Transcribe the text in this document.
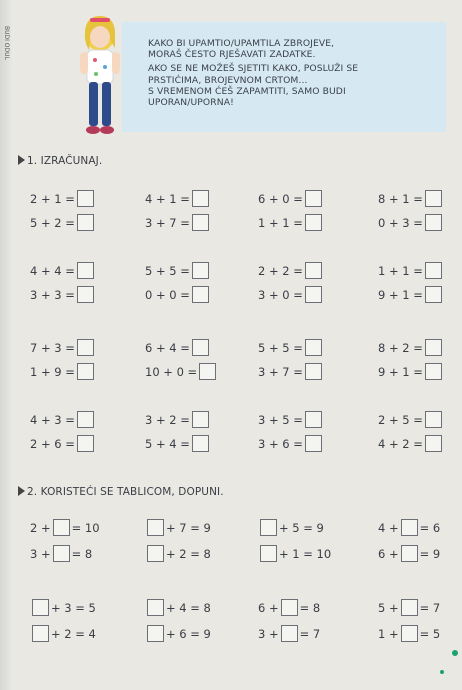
BUDI ODUL	KAKO BI UPAMTIO/UPAMTILA ZBROJEVE,
MORAŠ ČESTO RJEŠAVATI ZADATKE.
AKO SE NE MOŽEŠ SJETITI KAKO, POSLUŽI SE
PRSTIĆIMA, BROJEVNOM CRTOM...
S VREMENOM ĆEŠ ZAPAMTITI, SAMO BUDI
UPORAN/UPORNA!
1. IZRAČUNAJ.
2. KORISTEĆI SE TABLICOM, DOPUNI.
2 + 1 =	4 + 1 =	6 + 0 =	8 + 1 =
5 + 2 =	3 + 7 =	1 + 1 =	0 + 3 =
4 + 4 =	5 + 5 =	2 + 2 =	1 + 1 =
3 + 3 =	0 + 0 =	3 + 0 =	9 + 1 =
7 + 3 =	6 + 4 =	5 + 5 =	8 + 2 =
1 + 9 =	10 + 0 =	3 + 7 =	9 + 1 =
4 + 3 =	3 + 2 =	3 + 5 =	2 + 5 =
2 + 6 =	5 + 4 =	3 + 6 =	4 + 2 =
2 + = 10	+ 7 = 9	+ 5 = 9	4 + = 6
3 + = 8	+ 2 = 8	+ 1 = 10	6 + = 9
+ 3 = 5	+ 4 = 8	6 + = 8	5 + = 7
+ 2 = 4	+ 6 = 9	3 + = 7	1 + = 5
